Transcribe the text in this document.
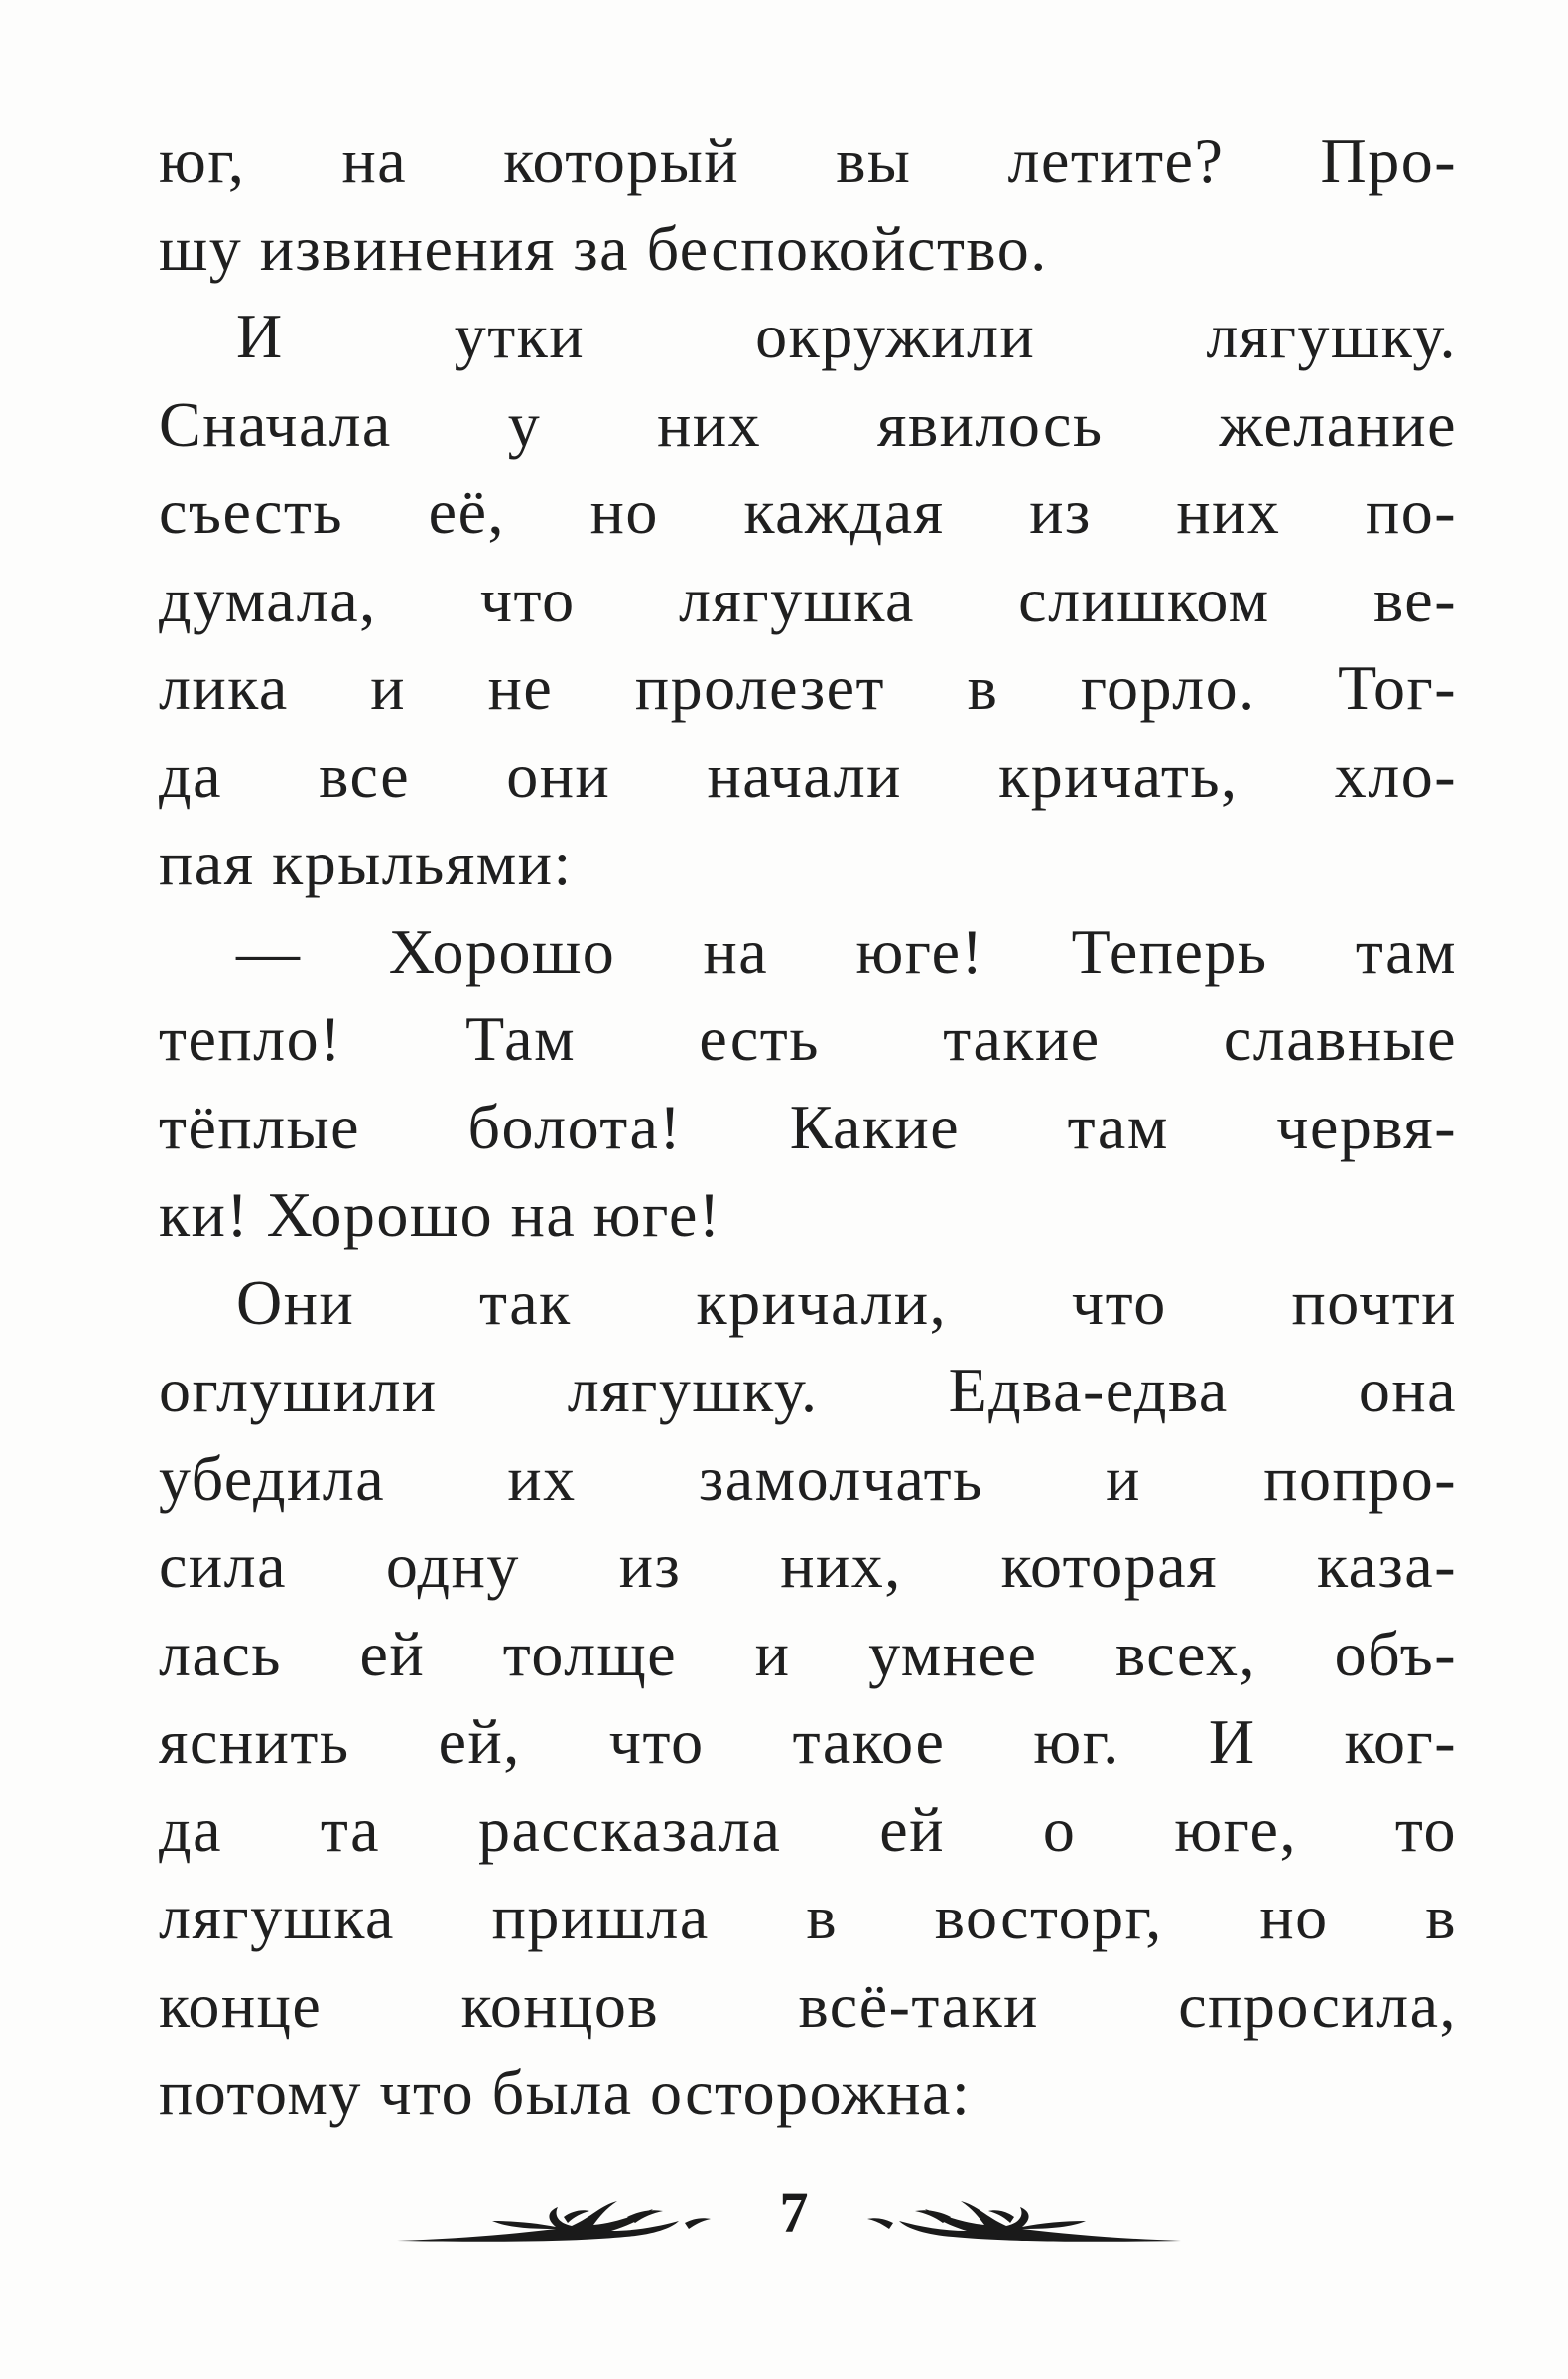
юг, на который вы летите? Про-
шу извинения за беспокойство.
И утки окружили лягушку.
Сначала у них явилось желание
съесть её, но каждая из них по-
думала, что лягушка слишком ве-
лика и не пролезет в горло. Тог-
да все они начали кричать, хло-
пая крыльями:
— Хорошо на юге! Теперь там
тепло! Там есть такие славные
тёплые болота! Какие там червя-
ки! Хорошо на юге!
Они так кричали, что почти
оглушили лягушку. Едва-едва она
убедила их замолчать и попро-
сила одну из них, которая каза-
лась ей толще и умнее всех, объ-
яснить ей, что такое юг. И ког-
да та рассказала ей о юге, то
лягушка пришла в восторг, но в
конце концов всё-таки спросила,
потому что была осторожна:
7
